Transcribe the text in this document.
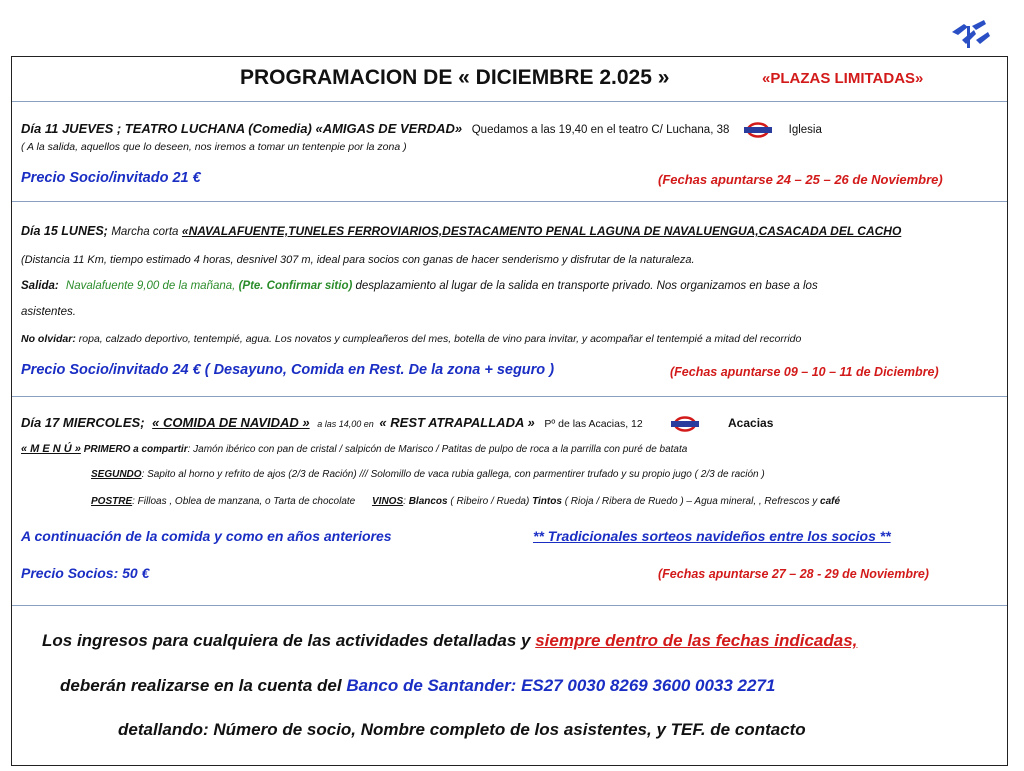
PROGRAMACION DE « DICIEMBRE 2.025 »	«PLAZAS LIMITADAS»
Día 11 JUEVES ; TEATRO LUCHANA (Comedia) «AMIGAS DE VERDAD» Quedamos a las 19,40 en el teatro C/ Luchana, 38	Iglesia
( A la salida, aquellos que lo deseen, nos iremos a tomar un tentenpie por la zona )
Precio Socio/invitado 21 €	(Fechas apuntarse 24 – 25 – 26 de Noviembre)
Día 15 LUNES; Marcha corta «NAVALAFUENTE,TUNELES FERROVIARIOS,DESTACAMENTO PENAL LAGUNA DE NAVALUENGUA,CASACADA DEL CACHO
(Distancia 11 Km, tiempo estimado 4 horas, desnivel 307 m, ideal para socios con ganas de hacer senderismo y disfrutar de la naturaleza.
Salida: Navalafuente 9,00 de la mañana, (Pte. Confirmar sitio) desplazamiento al lugar de la salida en transporte privado. Nos organizamos en base a los
asistentes.
No olvidar: ropa, calzado deportivo, tentempié, agua. Los novatos y cumpleañeros del mes, botella de vino para invitar, y acompañar el tentempié a mitad del recorrido
Precio Socio/invitado 24 € ( Desayuno, Comida en Rest. De la zona + seguro )	(Fechas apuntarse 09 – 10 – 11 de Diciembre)
Día 17 MIERCOLES; « COMIDA DE NAVIDAD » a las 14,00 en « REST ATRAPALLADA » Pº de las Acacias, 12	Acacias
« M E N Ú » PRIMERO a compartir: Jamón ibérico con pan de cristal / salpicón de Marisco / Patitas de pulpo de roca a la parrilla con puré de batata
SEGUNDO: Sapito al horno y refrito de ajos (2/3 de Ración) /// Solomillo de vaca rubia gallega, con parmentirer trufado y su propio jugo ( 2/3 de ración )
POSTRE: Filloas , Oblea de manzana, o Tarta de chocolate VINOS: Blancos ( Ribeiro / Rueda) Tintos ( Rioja / Ribera de Ruedo ) – Agua mineral, , Refrescos y café
A continuación de la comida y como en años anteriores	** Tradicionales sorteos navideños entre los socios **
Precio Socios: 50 €	(Fechas apuntarse 27 – 28 - 29 de Noviembre)
Los ingresos para cualquiera de las actividades detalladas y siempre dentro de las fechas indicadas,
deberán realizarse en la cuenta del Banco de Santander: ES27 0030 8269 3600 0033 2271
detallando: Número de socio, Nombre completo de los asistentes, y TEF. de contacto
